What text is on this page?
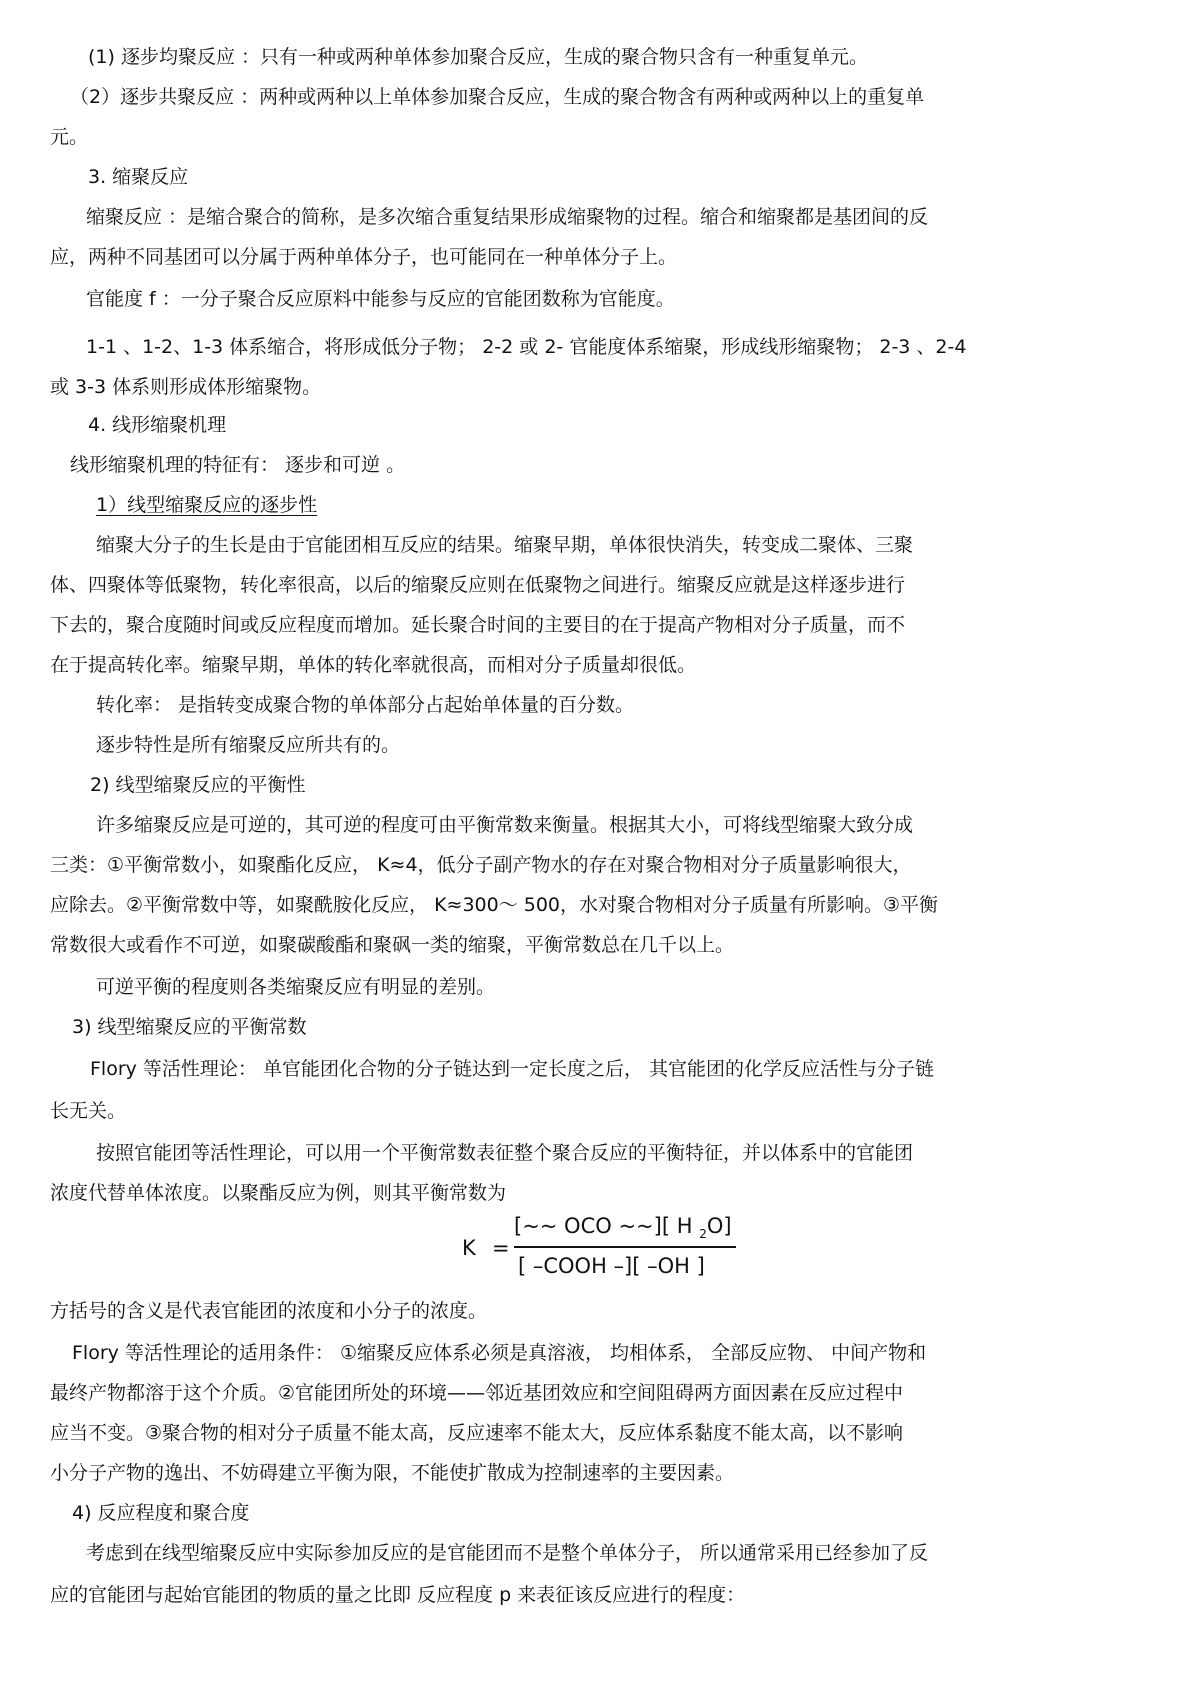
(1) 逐步均聚反应 ：只有一种或两种单体参加聚合反应，生成的聚合物只含有一种重复单元。

（2）逐步共聚反应 ：两种或两种以上单体参加聚合反应，生成的聚合物含有两种或两种以上的重复单

元。

3. 缩聚反应

缩聚反应 ：是缩合聚合的简称，是多次缩合重复结果形成缩聚物的过程。缩合和缩聚都是基团间的反

应，两种不同基团可以分属于两种单体分子，也可能同在一种单体分子上。

官能度 f ：一分子聚合反应原料中能参与反应的官能团数称为官能度。

1-1 、1-2、1-3 体系缩合，将形成低分子物； 2-2 或 2- 官能度体系缩聚，形成线形缩聚物； 2-3 、2-4

或 3-3 体系则形成体形缩聚物。

4. 线形缩聚机理

线形缩聚机理的特征有： 逐步和可逆 。

1）线型缩聚反应的逐步性

缩聚大分子的生长是由于官能团相互反应的结果。缩聚早期，单体很快消失，转变成二聚体、三聚

体、四聚体等低聚物，转化率很高，以后的缩聚反应则在低聚物之间进行。缩聚反应就是这样逐步进行

下去的，聚合度随时间或反应程度而增加。延长聚合时间的主要目的在于提高产物相对分子质量，而不

在于提高转化率。缩聚早期，单体的转化率就很高，而相对分子质量却很低。

转化率： 是指转变成聚合物的单体部分占起始单体量的百分数。

逐步特性是所有缩聚反应所共有的。

2) 线型缩聚反应的平衡性

许多缩聚反应是可逆的，其可逆的程度可由平衡常数来衡量。根据其大小，可将线型缩聚大致分成

三类：①平衡常数小，如聚酯化反应， K≈4，低分子副产物水的存在对聚合物相对分子质量影响很大，

应除去。②平衡常数中等，如聚酰胺化反应， K≈300～ 500，水对聚合物相对分子质量有所影响。③平衡

常数很大或看作不可逆，如聚碳酸酯和聚砜一类的缩聚，平衡常数总在几千以上。

可逆平衡的程度则各类缩聚反应有明显的差别。

3) 线型缩聚反应的平衡常数

Flory 等活性理论： 单官能团化合物的分子链达到一定长度之后， 其官能团的化学反应活性与分子链

长无关。

按照官能团等活性理论，可以用一个平衡常数表征整个聚合反应的平衡特征，并以体系中的官能团

浓度代替单体浓度。以聚酯反应为例，则其平衡常数为

K =
[~~ OCO ~~][ H $_2$O]
[ –COOH –][ –OH ]

方括号的含义是代表官能团的浓度和小分子的浓度。

Flory 等活性理论的适用条件： ①缩聚反应体系必须是真溶液， 均相体系， 全部反应物、 中间产物和

最终产物都溶于这个介质。②官能团所处的环境——邻近基团效应和空间阻碍两方面因素在反应过程中

应当不变。③聚合物的相对分子质量不能太高，反应速率不能太大，反应体系黏度不能太高，以不影响

小分子产物的逸出、不妨碍建立平衡为限，不能使扩散成为控制速率的主要因素。

4) 反应程度和聚合度

考虑到在线型缩聚反应中实际参加反应的是官能团而不是整个单体分子， 所以通常采用已经参加了反

应的官能团与起始官能团的物质的量之比即 反应程度 p 来表征该反应进行的程度：
